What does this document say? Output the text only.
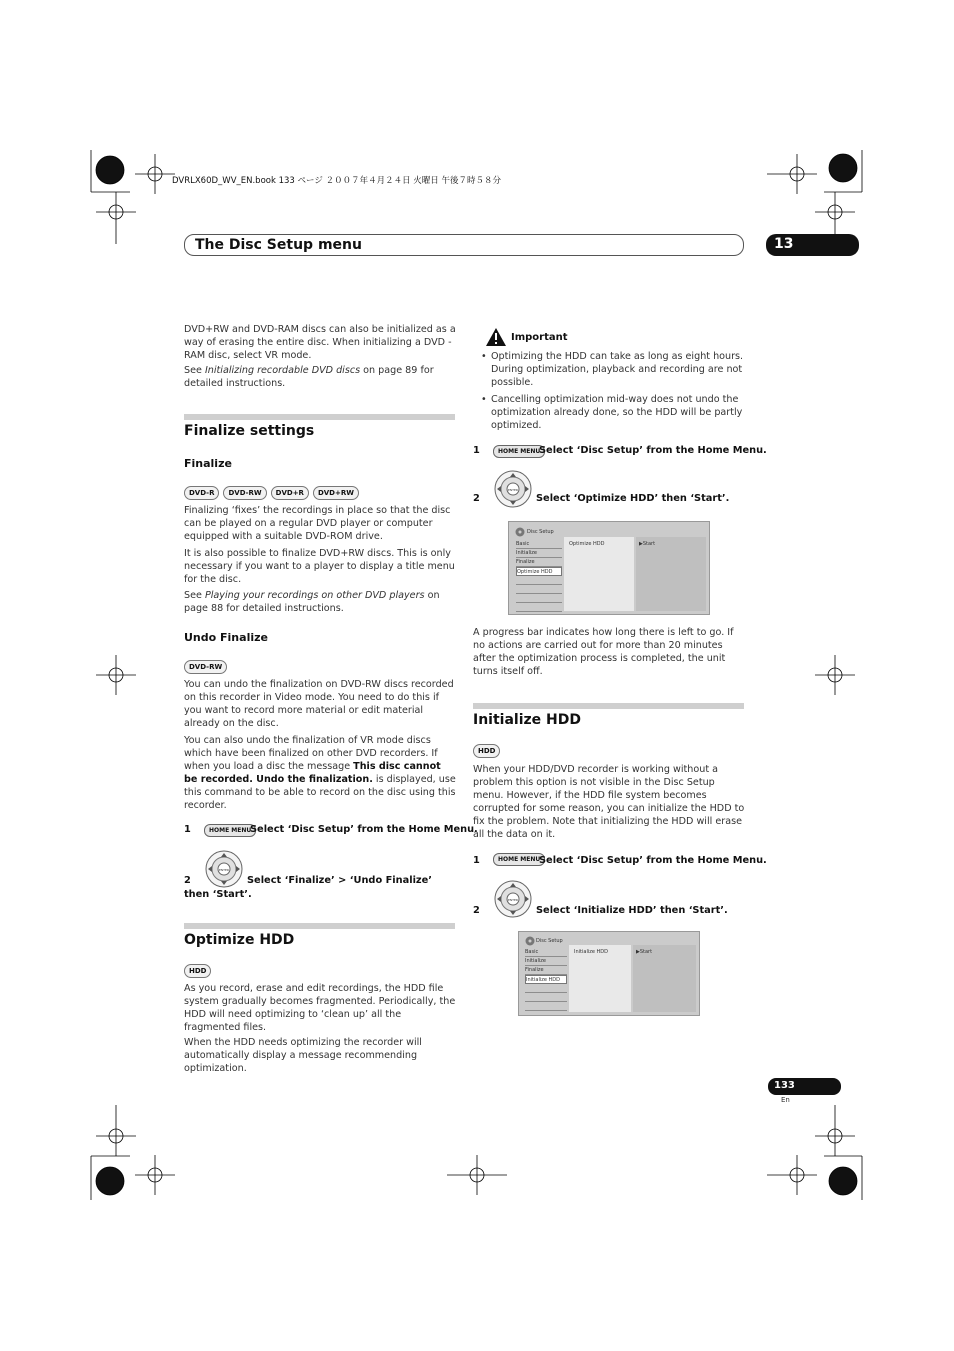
DVRLX60D_WV_EN.book 133 ページ ２００７年４月２４日 火曜日 午後７時５８分
The Disc Setup menu	13
DVD+RW and DVD-RAM discs can also be initialized as a way of erasing the entire disc. When initializing a DVD -RAM disc, select VR mode.
See Initializing recordable DVD discs on page 89 for detailed instructions.
Finalize settings
Finalize
DVD-R DVD-RW DVD+R DVD+RW
Finalizing ‘fixes’ the recordings in place so that the disc can be played on a regular DVD player or computer equipped with a suitable DVD-ROM drive.
It is also possible to finalize DVD+RW discs. This is only necessary if you want to a player to display a title menu for the disc.
See Playing your recordings on other DVD players on page 88 for detailed instructions.
Undo Finalize
DVD-RW
You can undo the finalization on DVD-RW discs recorded on this recorder in Video mode. You need to do this if you want to record more material or edit material already on the disc.
You can also undo the finalization of VR mode discs which have been finalized on other DVD recorders. If when you load a disc the message This disc cannot be recorded. Undo the finalization. is displayed, use this command to be able to record on the disc using this recorder.
1	HOME MENU
Select ‘Disc Setup’ from the Home Menu.
ENTER
2	Select ‘Finalize’ > ‘Undo Finalize’ then ‘Start’.
Optimize HDD
HDD
As you record, erase and edit recordings, the HDD file system gradually becomes fragmented. Periodically, the HDD will need optimizing to ‘clean up’ all the fragmented files.
When the HDD needs optimizing the recorder will automatically display a message recommending optimization.
Important
• Optimizing the HDD can take as long as eight hours. During optimization, playback and recording are not possible.
• Cancelling optimization mid-way does not undo the optimization already done, so the HDD will be partly optimized.
1	HOME MENU
Select ‘Disc Setup’ from the Home Menu.
ENTER
2	Select ‘Optimize HDD’ then ‘Start’.
Disc Setup
Basic
Initialize
Finalize
Optimize HDD
Optimize HDD	▶Start
A progress bar indicates how long there is left to go. If no actions are carried out for more than 20 minutes after the optimization process is completed, the unit turns itself off.
Initialize HDD
HDD
When your HDD/DVD recorder is working without a problem this option is not visible in the Disc Setup menu. However, if the HDD file system becomes corrupted for some reason, you can initialize the HDD to fix the problem. Note that initializing the HDD will erase all the data on it.
1	HOME MENU
Select ‘Disc Setup’ from the Home Menu.
ENTER
2	Select ‘Initialize HDD’ then ‘Start’.
Disc Setup
Basic
Initialize
Finalize
Initialize HDD
Initialize HDD	▶Start
133
En
